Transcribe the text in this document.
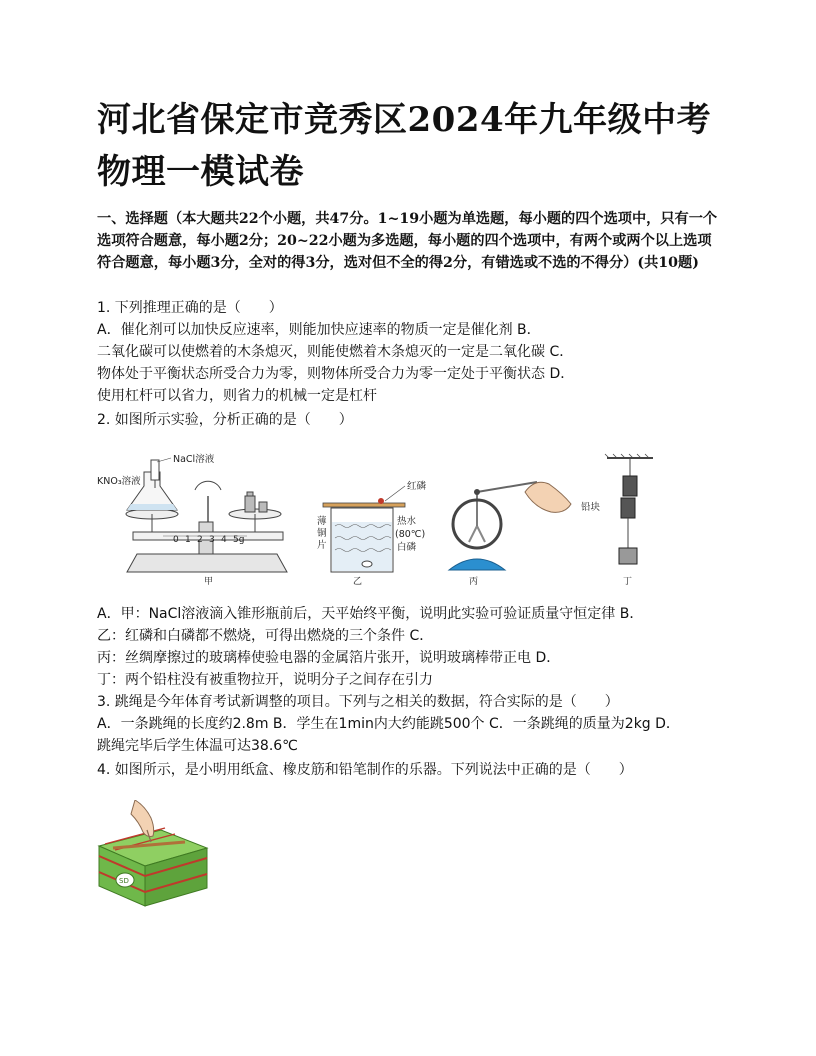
河北省保定市竞秀区2024年九年级中考物理一模试卷

一、选择题（本大题共22个小题，共47分。1~19小题为单选题，每小题的四个选项中，只有一个选项符合题意，每小题2分；20~22小题为多选题，每小题的四个选项中，有两个或两个以上选项符合题意，每小题3分，全对的得3分，选对但不全的得2分，有错选或不选的不得分）(共10题)

1. 下列推理正确的是（　　）
A．催化剂可以加快反应速率，则能加快应速率的物质一定是催化剂 B．
二氧化碳可以使燃着的木条熄灭，则能使燃着木条熄灭的一定是二氧化碳 C．
物体处于平衡状态所受合力为零，则物体所受合力为零一定处于平衡状态 D．
使用杠杆可以省力，则省力的机械一定是杠杆
2. 如图所示实验，分析正确的是（　　）
0 1 2 3 4 5g
NaCl溶液
KNO₃溶液
甲
红磷
热水
(80℃)
白磷
薄
铜
片
乙	丙
铅块
丁
A．甲：NaCl溶液滴入锥形瓶前后，天平始终平衡，说明此实验可验证质量守恒定律 B．
乙：红磷和白磷都不燃烧，可得出燃烧的三个条件 C．
丙：丝绸摩擦过的玻璃棒使验电器的金属箔片张开，说明玻璃棒带正电 D．
丁：两个铅柱没有被重物拉开，说明分子之间存在引力
3. 跳绳是今年体育考试新调整的项目。下列与之相关的数据，符合实际的是（　　）
A．一条跳绳的长度约2.8m B．学生在1min内大约能跳500个 C．一条跳绳的质量为2kg D．
跳绳完毕后学生体温可达38.6℃
4. 如图所示，是小明用纸盒、橡皮筋和铅笔制作的乐器。下列说法中正确的是（　　）
SD
